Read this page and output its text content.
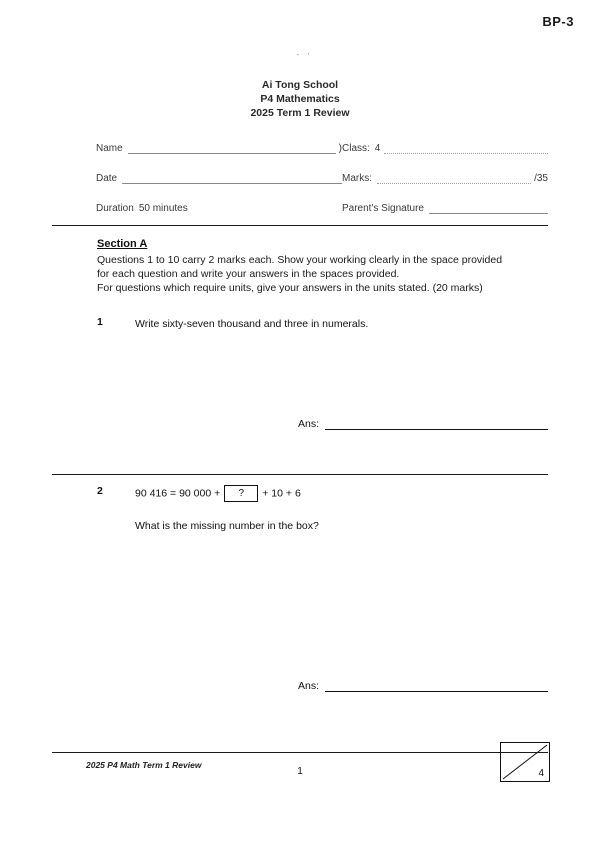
BP-3
· ·
Ai Tong School
P4 Mathematics
2025 Term 1 Review
Name	) Class: 4
Date	Marks:	/35
Duration 50 minutes	Parent's Signature
Section A
Questions 1 to 10 carry 2 marks each. Show your working clearly in the space provided
for each question and write your answers in the spaces provided.
For questions which require units, give your answers in the units stated. (20 marks)
1	Write sixty-seven thousand and three in numerals.
Ans:
2	90 416 = 90 000 + ? + 10 + 6
What is the missing number in the box?
Ans:
2025 P4 Math Term 1 Review
1	4
